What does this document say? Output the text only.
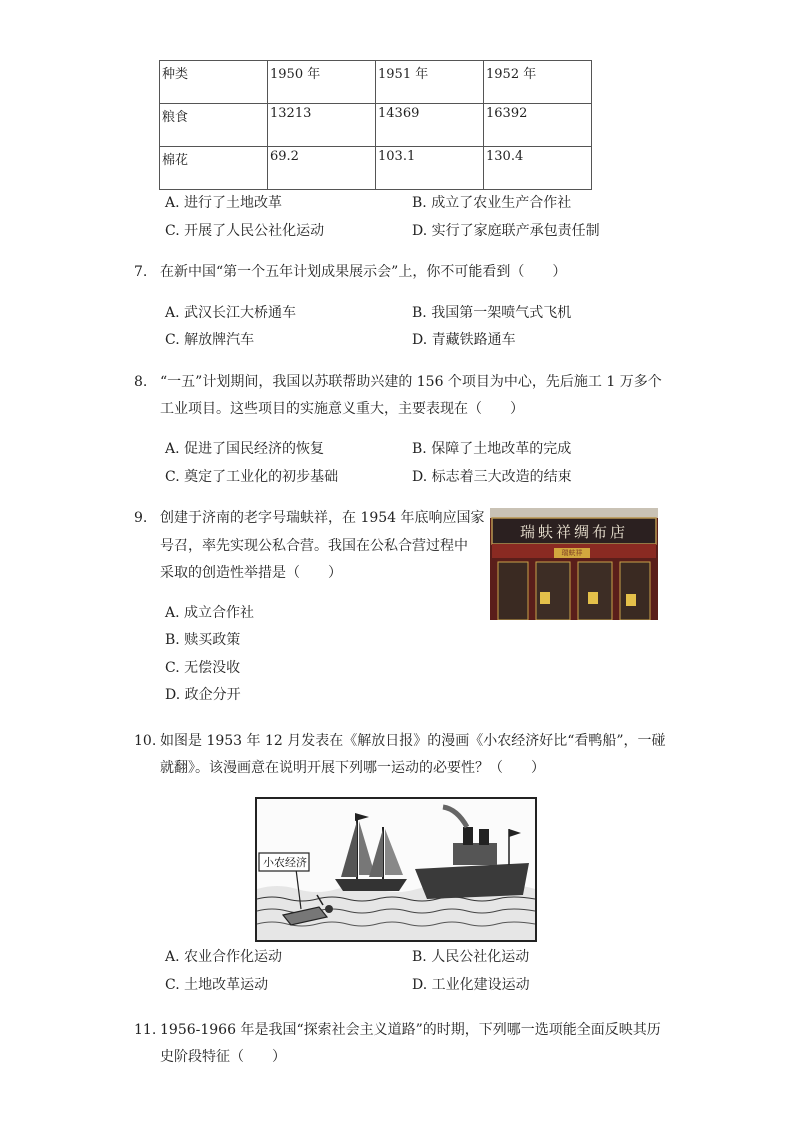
种类	1950 年	1951 年	1952 年
粮食	13213	14369	16392
棉花	69.2	103.1	130.4
A. 进行了土地改革	B. 成立了农业生产合作社
C. 开展了人民公社化运动	D. 实行了家庭联产承包责任制
7. 在新中国“第一个五年计划成果展示会”上，你不可能看到（　　）
A. 武汉长江大桥通车	B. 我国第一架喷气式飞机
C. 解放牌汽车	D. 青藏铁路通车
8. “一五”计划期间，我国以苏联帮助兴建的 156 个项目为中心，先后施工 1 万多个
工业项目。这些项目的实施意义重大，主要表现在（　　）
A. 促进了国民经济的恢复	B. 保障了土地改革的完成
C. 奠定了工业化的初步基础	D. 标志着三大改造的结束
9. 创建于济南的老字号瑞蚨祥，在 1954 年底响应国家
号召，率先实现公私合营。我国在公私合营过程中
采取的创造性举措是（　　）
瑞蚨祥绸布店
瑞蚨祥
A. 成立合作社
B. 赎买政策
C. 无偿没收
D. 政企分开
10. 如图是 1953 年 12 月发表在《解放日报》的漫画《小农经济好比“看鸭船”，一碰
就翻》。该漫画意在说明开展下列哪一运动的必要性？（　　）
小农经济
A. 农业合作化运动	B. 人民公社化运动
C. 土地改革运动	D. 工业化建设运动
11. 1956-1966 年是我国“探索社会主义道路”的时期，下列哪一选项能全面反映其历
史阶段特征（　　）
